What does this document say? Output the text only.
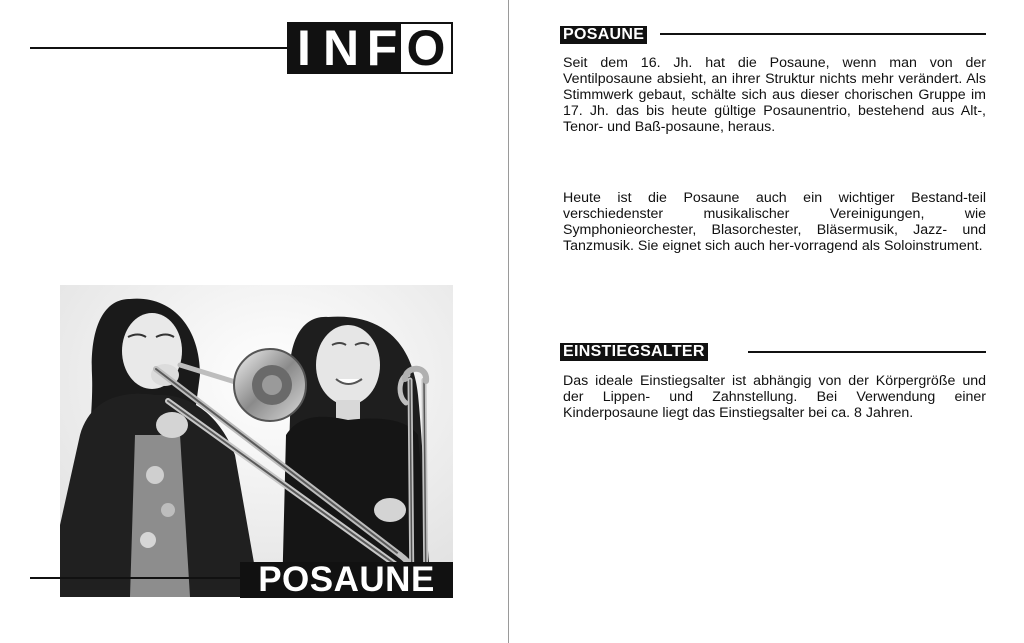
I N F O
POSAUNE
POSAUNE

Seit dem 16. Jh. hat die Posaune, wenn man von der Ventilposaune absieht, an ihrer Struktur nichts mehr verändert. Als Stimmwerk gebaut, schälte sich aus dieser chorischen Gruppe im 17. Jh. das bis heute gültige Posaunentrio, bestehend aus Alt-, Tenor- und Baß-posaune, heraus.

Heute ist die Posaune auch ein wichtiger Bestand-teil verschiedenster musikalischer Vereinigungen, wie Symphonieorchester, Blasorchester, Bläsermusik, Jazz- und Tanzmusik. Sie eignet sich auch her-vorragend als Soloinstrument.

EINSTIEGSALTER

Das ideale Einstiegsalter ist abhängig von der Körpergröße und der Lippen- und Zahnstellung. Bei Verwendung einer Kinderposaune liegt das Einstiegsalter bei ca. 8 Jahren.
